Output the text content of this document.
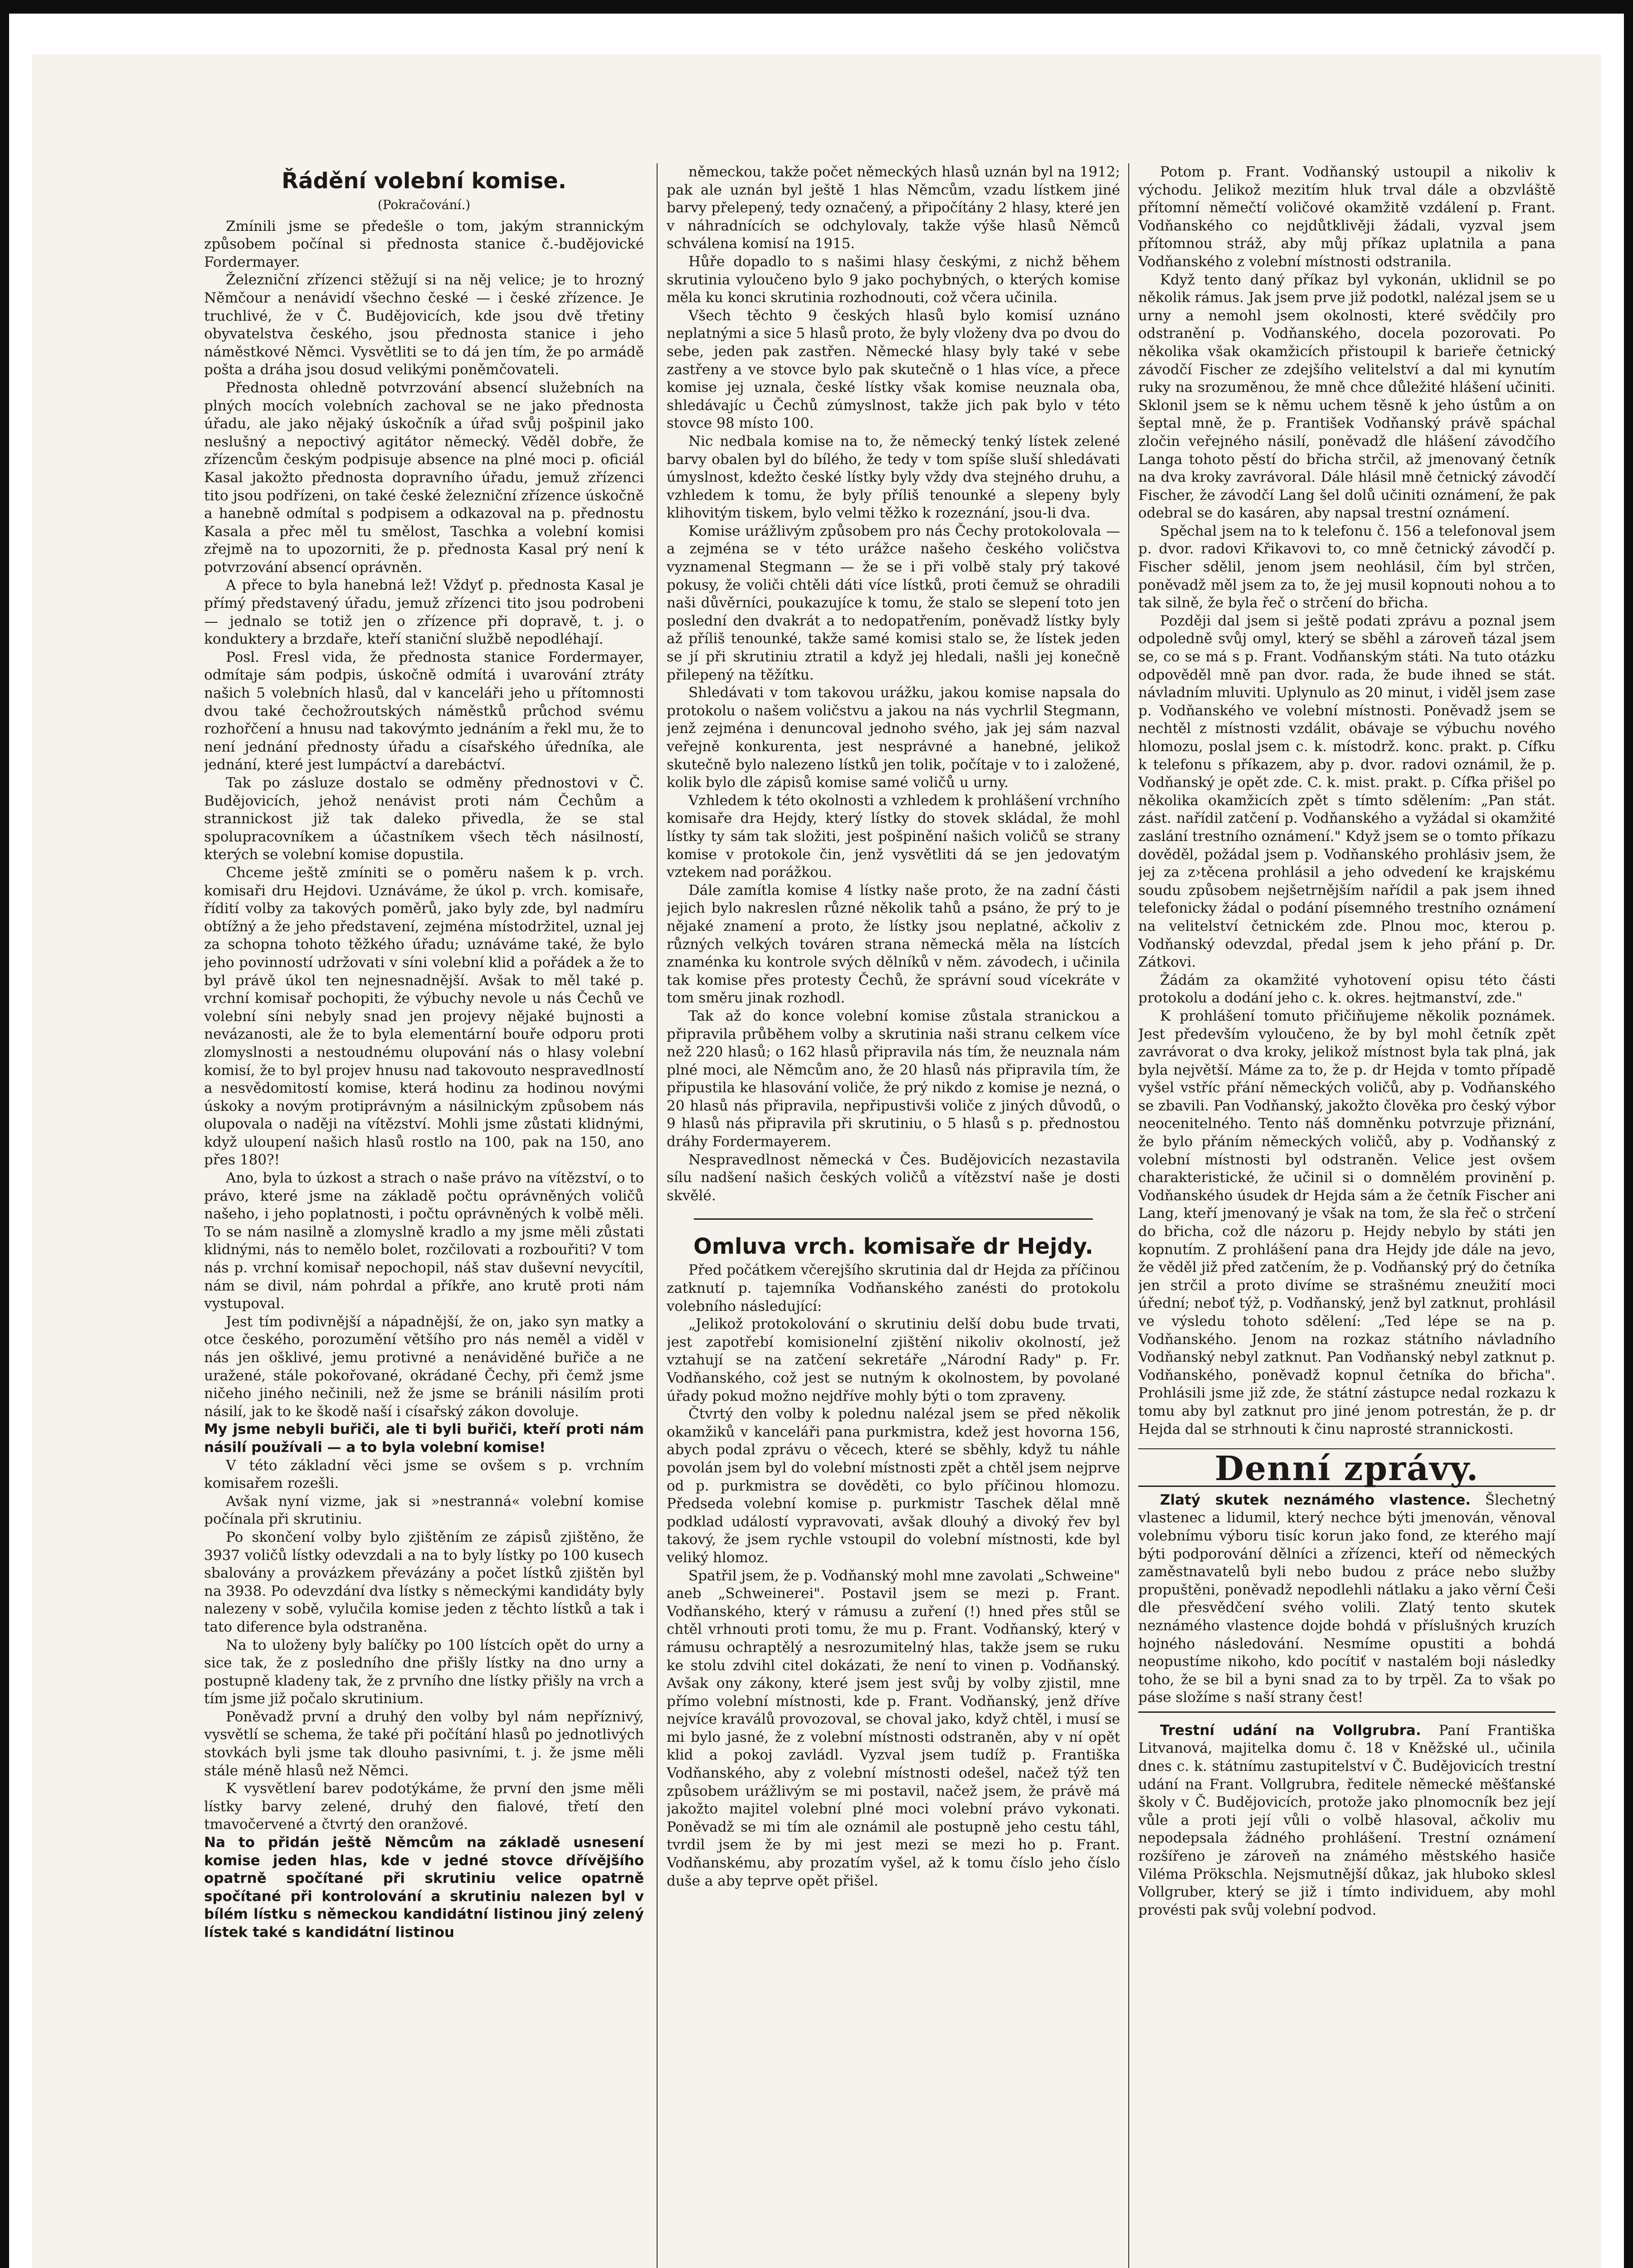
Řádění volební komise.
(Pokračování.)

Zmínili jsme se předešle o tom, jakým strannickým způsobem počínal si přednosta stanice č.-budějovické Fordermayer.

Železniční zřízenci stěžují si na něj velice; je to hrozný Němčour a nenávidí všechno české — i české zřízence. Je truchlivé, že v Č. Budějovicích, kde jsou dvě třetiny obyvatelstva českého, jsou přednosta stanice i jeho náměstkové Němci. Vysvětliti se to dá jen tím, že po armádě pošta a dráha jsou dosud velikými poněmčovateli.

Přednosta ohledně potvrzování absencí služebních na plných mocích volebních zachoval se ne jako přednosta úřadu, ale jako nějaký úskočník a úřad svůj pošpinil jako neslušný a nepoctivý agitátor německý. Věděl dobře, že zřízencům českým podpisuje absence na plné moci p. oficiál Kasal jakožto přednosta dopravního úřadu, jemuž zřízenci tito jsou podřízeni, on také české železniční zřízence úskočně a hanebně odmítal s podpisem a odkazoval na p. přednostu Kasala a přec měl tu smělost, Taschka a volební komisi zřejmě na to upozorniti, že p. přednosta Kasal prý není k potvrzování absencí oprávněn.

A přece to byla hanebná lež! Vždyť p. přednosta Kasal je přímý představený úřadu, jemuž zřízenci tito jsou podrobeni — jednalo se totiž jen o zřízence při dopravě, t. j. o konduktery a brzdaře, kteří staniční službě nepodléhají.

Posl. Fresl vida, že přednosta stanice Fordermayer, odmítaje sám podpis, úskočně odmítá i uvarování ztráty našich 5 volebních hlasů, dal v kanceláři jeho u přítomnosti dvou také čechožroutských náměstků průchod svému rozhořčení a hnusu nad takovýmto jednáním a řekl mu, že to není jednání přednosty úřadu a císařského úředníka, ale jednání, které jest lumpáctví a darebáctví.

Tak po zásluze dostalo se odměny přednostovi v Č. Budějovicích, jehož nenávist proti nám Čechům a strannickost již tak daleko přivedla, že se stal spolupracovníkem a účastníkem všech těch násilností, kterých se volební komise dopustila.

Chceme ještě zmíniti se o poměru našem k p. vrch. komisaři dru Hejdovi. Uznáváme, že úkol p. vrch. komisaře, řídití volby za takových poměrů, jako byly zde, byl nadmíru obtížný a že jeho představení, zejména místodržitel, uznal jej za schopna tohoto těžkého úřadu; uznáváme také, že bylo jeho povinností udržovati v síni volební klid a pořádek a že to byl právě úkol ten nejnesnadnější. Avšak to měl také p. vrchní komisař pochopiti, že výbuchy nevole u nás Čechů ve volební síni nebyly snad jen projevy nějaké bujnosti a nevázanosti, ale že to byla elementární bouře odporu proti zlomyslnosti a nestoudnému olupování nás o hlasy volební komisí, že to byl projev hnusu nad takovouto nespravedlností a nesvědomitostí komise, která hodinu za hodinou novými úskoky a novým protiprávným a násilnickým způsobem nás olupovala o naději na vítězství. Mohli jsme zůstati klidnými, když uloupení našich hlasů rostlo na 100, pak na 150, ano přes 180?!

Ano, byla to úzkost a strach o naše právo na vítězství, o to právo, které jsme na základě počtu oprávněných voličů našeho, i jeho poplatnosti, i počtu oprávněných k volbě měli. To se nám nasilně a zlomyslně kradlo a my jsme měli zůstati klidnými, nás to nemělo bolet, rozčilovati a rozbouřiti? V tom nás p. vrchní komisař nepochopil, náš stav duševní nevycítil, nám se divil, nám pohrdal a příkře, ano krutě proti nám vystupoval.

Jest tím podivnější a nápadnější, že on, jako syn matky a otce českého, porozumění většího pro nás neměl a viděl v nás jen ošklivé, jemu protivné a nenáviděné buřiče a ne uražené, stále pokořované, okrádané Čechy, při čemž jsme ničeho jiného nečinili, než že jsme se bránili násilím proti násilí, jak to ke škodě naší i císařský zákon dovoluje.

My jsme nebyli buřiči, ale ti byli buřiči, kteří proti nám násilí používali — a to byla volební komise!

V této základní věci jsme se ovšem s p. vrchním komisařem rozešli.

Avšak nyní vizme, jak si »nestranná« volební komise počínala při skrutiniu.

Po skončení volby bylo zjištěním ze zápisů zjištěno, že 3937 voličů lístky odevzdali a na to byly lístky po 100 kusech sbalovány a provázkem převázány a počet lístků zjištěn byl na 3938. Po odevzdání dva lístky s německými kandidáty byly nalezeny v sobě, vylučila komise jeden z těchto lístků a tak i tato diference byla odstraněna.

Na to uloženy byly balíčky po 100 lístcích opět do urny a sice tak, že z posledního dne přišly lístky na dno urny a postupně kladeny tak, že z prvního dne lístky přišly na vrch a tím jsme již počalo skrutinium.

Poněvadž první a druhý den volby byl nám nepříznivý, vysvětlí se schema, že také při počítání hlasů po jednotlivých stovkách byli jsme tak dlouho pasivními, t. j. že jsme měli stále méně hlasů než Němci.

K vysvětlení barev podotýkáme, že první den jsme měli lístky barvy zelené, druhý den fialové, třetí den tmavočervené a čtvrtý den oranžové.

Na to přidán ještě Němcům na základě usnesení komise jeden hlas, kde v jedné stovce dřívějšího opatrně spočítané při skrutiniu velice opatrně spočítané při kontrolování a skrutiniu nalezen byl v bílém lístku s německou kandidátní listinou jiný zelený lístek také s kandidátní listinou

německou, takže počet německých hlasů uznán byl na 1912; pak ale uznán byl ještě 1 hlas Němcům, vzadu lístkem jiné barvy přelepený, tedy označený, a připočítány 2 hlasy, které jen v náhradnících se odchylovaly, takže výše hlasů Němců schválena komisí na 1915.

Hůře dopadlo to s našimi hlasy českými, z nichž během skrutinia vyloučeno bylo 9 jako pochybných, o kterých komise měla ku konci skrutinia rozhodnouti, což včera učinila.

Všech těchto 9 českých hlasů bylo komisí uznáno neplatnými a sice 5 hlasů proto, že byly vloženy dva po dvou do sebe, jeden pak zastřen. Německé hlasy byly také v sebe zastřeny a ve stovce bylo pak skutečně o 1 hlas více, a přece komise jej uznala, české lístky však komise neuznala oba, shledávajíc u Čechů zúmyslnost, takže jich pak bylo v této stovce 98 místo 100.

Nic nedbala komise na to, že německý tenký lístek zelené barvy obalen byl do bílého, že tedy v tom spíše sluší shledávati úmyslnost, kdežto české lístky byly vždy dva stejného druhu, a vzhledem k tomu, že byly příliš tenounké a slepeny byly klihovitým tiskem, bylo velmi těžko k rozeznání, jsou-li dva.

Komise urážlivým způsobem pro nás Čechy protokolovala — a zejména se v této urážce našeho českého voličstva vyznamenal Stegmann — že se i při volbě staly prý takové pokusy, že voliči chtěli dáti více lístků, proti čemuž se ohradili naši důvěrníci, poukazujíce k tomu, že stalo se slepení toto jen poslední den dvakrát a to nedopatřením, poněvadž lístky byly až příliš tenounké, takže samé komisi stalo se, že lístek jeden se jí při skrutiniu ztratil a když jej hledali, našli jej konečně přilepený na těžítku.

Shledávati v tom takovou urážku, jakou komise napsala do protokolu o našem voličstvu a jakou na nás vychrlil Stegmann, jenž zejména i denuncoval jednoho svého, jak jej sám nazval veřejně konkurenta, jest nesprávné a hanebné, jelikož skutečně bylo nalezeno lístků jen tolik, počítaje v to i založené, kolik bylo dle zápisů komise samé voličů u urny.

Vzhledem k této okolnosti a vzhledem k prohlášení vrchního komisaře dra Hejdy, který lístky do stovek skládal, že mohl lístky ty sám tak složiti, jest pošpinění našich voličů se strany komise v protokole čin, jenž vysvětliti dá se jen jedovatým vztekem nad porážkou.

Dále zamítla komise 4 lístky naše proto, že na zadní části jejich bylo nakreslen různé několik tahů a psáno, že prý to je nějaké znamení a proto, že lístky jsou neplatné, ačkoliv z různých velkých továren strana německá měla na lístcích znaménka ku kontrole svých dělníků v něm. závodech, i učinila tak komise přes protesty Čechů, že správní soud vícekráte v tom směru jinak rozhodl.

Tak až do konce volební komise zůstala stranickou a připravila průběhem volby a skrutinia naši stranu celkem více než 220 hlasů; o 162 hlasů připravila nás tím, že neuznala nám plné moci, ale Němcům ano, že 20 hlasů nás připravila tím, že připustila ke hlasování voliče, že prý nikdo z komise je nezná, o 20 hlasů nás připravila, nepřipustivši voliče z jiných důvodů, o 9 hlasů nás připravila při skrutiniu, o 5 hlasů s p. přednostou dráhy Fordermayerem.

Nespravedlnost německá v Čes. Budějovicích nezastavila sílu nadšení našich českých voličů a vítězství naše je dosti skvělé.

Omluva vrch. komisaře dr Hejdy.

Před počátkem včerejšího skrutinia dal dr Hejda za příčinou zatknutí p. tajemníka Vodňanského zanésti do protokolu volebního následující:

„Jelikož protokolování o skrutiniu delší dobu bude trvati, jest zapotřebí komisionelní zjištění nikoliv okolností, jež vztahují se na zatčení sekretáře „Národní Rady" p. Fr. Vodňanského, což jest se nutným k okolnostem, by povolané úřady pokud možno nejdříve mohly býti o tom zpraveny.

Čtvrtý den volby k polednu nalézal jsem se před několik okamžiků v kanceláři pana purkmistra, kdež jest hovorna 156, abych podal zprávu o věcech, které se sběhly, když tu náhle povolán jsem byl do volební místnosti zpět a chtěl jsem nejprve od p. purkmistra se dověděti, co bylo příčinou hlomozu. Předseda volební komise p. purkmistr Taschek dělal mně podklad událostí vypravovati, avšak dlouhý a divoký řev byl takový, že jsem rychle vstoupil do volební místnosti, kde byl veliký hlomoz.

Spatřil jsem, že p. Vodňanský mohl mne zavolati „Schweine" aneb „Schweinerei". Postavil jsem se mezi p. Frant. Vodňanského, který v rámusu a zuření (!) hned přes stůl se chtěl vrhnouti proti tomu, že mu p. Frant. Vodňanský, který v rámusu ochraptělý a nesrozumitelný hlas, takže jsem se ruku ke stolu zdvihl citel dokázati, že není to vinen p. Vodňanský. Avšak ony zákony, které jsem jest svůj by volby zjistil, mne přímo volební místnosti, kde p. Frant. Vodňanský, jenž dříve nejvíce kraválů provozoval, se choval jako, když chtěl, i musí se mi bylo jasné, že z volební místnosti odstraněn, aby v ní opět klid a pokoj zavládl. Vyzval jsem tudíž p. Františka Vodňanského, aby z volební místnosti odešel, načež týž ten způsobem urážlivým se mi postavil, načež jsem, že právě má jakožto majitel volební plné moci volební právo vykonati. Poněvadž se mi tím ale oznámil ale postupně jeho cestu táhl, tvrdil jsem že by mi jest mezi se mezi ho p. Frant. Vodňanskému, aby prozatím vyšel, až k tomu číslo jeho číslo duše a aby teprve opět přišel.

Potom p. Frant. Vodňanský ustoupil a nikoliv k východu. Jelikož mezitím hluk trval dále a obzvláště přítomní němečtí voličové okamžitě vzdálení p. Frant. Vodňanského co nejdůtklivěji žádali, vyzval jsem přítomnou stráž, aby můj příkaz uplatnila a pana Vodňanského z volební místnosti odstranila.

Když tento daný příkaz byl vykonán, uklidnil se po několik rámus. Jak jsem prve již podotkl, nalézal jsem se u urny a nemohl jsem okolnosti, které svědčily pro odstranění p. Vodňanského, docela pozorovati. Po několika však okamžicích přistoupil k barieře četnický závodčí Fischer ze zdejšího velitelství a dal mi kynutím ruky na srozuměnou, že mně chce důležité hlášení učiniti. Sklonil jsem se k němu uchem těsně k jeho ústům a on šeptal mně, že p. František Vodňanský právě spáchal zločin veřejného násilí, poněvadž dle hlášení závodčího Langa tohoto pěstí do břicha strčil, až jmenovaný četník na dva kroky zavrávoral. Dále hlásil mně četnický závodčí Fischer, že závodčí Lang šel dolů učiniti oznámení, že pak odebral se do kasáren, aby napsal trestní oznámení.

Spěchal jsem na to k telefonu č. 156 a telefonoval jsem p. dvor. radovi Křikavovi to, co mně četnický závodčí p. Fischer sdělil, jenom jsem neohlásil, čím byl strčen, poněvadž měl jsem za to, že jej musil kopnouti nohou a to tak silně, že byla řeč o strčení do břicha.

Později dal jsem si ještě podati zprávu a poznal jsem odpoledně svůj omyl, který se sběhl a zároveň tázal jsem se, co se má s p. Frant. Vodňanským státi. Na tuto otázku odpověděl mně pan dvor. rada, že bude ihned se stát. návladním mluviti. Uplynulo as 20 minut, i viděl jsem zase p. Vodňanského ve volební místnosti. Poněvadž jsem se nechtěl z místnosti vzdálit, obávaje se výbuchu nového hlomozu, poslal jsem c. k. místodrž. konc. prakt. p. Cífku k telefonu s příkazem, aby p. dvor. radovi oznámil, že p. Vodňanský je opět zde. C. k. mist. prakt. p. Cífka přišel po několika okamžicích zpět s tímto sdělením: „Pan stát. zást. nařídil zatčení p. Vodňanského a vyžádal si okamžité zaslání trestního oznámení." Když jsem se o tomto příkazu dověděl, požádal jsem p. Vodňanského prohlásiv jsem, že jej za z›těcena prohlásil a jeho odvedení ke krajskému soudu způsobem nejšetrnějším nařídil a pak jsem ihned telefonicky žádal o podání písemného trestního oznámení na velitelství četnickém zde. Plnou moc, kterou p. Vodňanský odevzdal, předal jsem k jeho přání p. Dr. Zátkovi.

Žádám za okamžité vyhotovení opisu této části protokolu a dodání jeho c. k. okres. hejtmanství, zde."

K prohlášení tomuto přičiňujeme několik poznámek. Jest především vyloučeno, že by byl mohl četník zpět zavrávorat o dva kroky, jelikož místnost byla tak plná, jak byla největší. Máme za to, že p. dr Hejda v tomto případě vyšel vstříc přání německých voličů, aby p. Vodňanského se zbavili. Pan Vodňanský, jakožto člověka pro český výbor neocenitelného. Tento náš domněnku potvrzuje přiznání, že bylo přáním německých voličů, aby p. Vodňanský z volební místnosti byl odstraněn. Velice jest ovšem charakteristické, že učinil si o domnělém provinění p. Vodňanského úsudek dr Hejda sám a že četník Fischer ani Lang, kteří jmenovaný je však na tom, že sla řeč o strčení do břicha, což dle názoru p. Hejdy nebylo by státi jen kopnutím. Z prohlášení pana dra Hejdy jde dále na jevo, že věděl již před zatčením, že p. Vodňanský prý do četníka jen strčil a proto divíme se strašnému zneužití moci úřední; neboť týž, p. Vodňanský, jenž byl zatknut, prohlásil ve výsledu tohoto sdělení: „Ted lépe se na p. Vodňanského. Jenom na rozkaz státního návladního Vodňanský nebyl zatknut. Pan Vodňanský nebyl zatknut p. Vodňanského, poněvadž kopnul četníka do břicha". Prohlásili jsme již zde, že státní zástupce nedal rozkazu k tomu aby byl zatknut pro jiné jenom potrestán, že p. dr Hejda dal se strhnouti k činu naprosté strannickosti.

Denní zprávy.

Zlatý skutek neznámého vlastence. Šlechetný vlastenec a lidumil, který nechce býti jmenován, věnoval volebnímu výboru tisíc korun jako fond, ze kterého mají býti podporování dělníci a zřízenci, kteří od německých zaměstnavatelů byli nebo budou z práce nebo služby propuštěni, poněvadž nepodlehli nátlaku a jako věrní Češi dle přesvědčení svého volili. Zlatý tento skutek neznámého vlastence dojde bohdá v příslušných kruzích hojného následování. Nesmíme opustiti a bohdá neopustíme nikoho, kdo pocítiť v nastalém boji následky toho, že se bil a byni snad za to by trpěl. Za to však po páse složíme s naší strany čest!

Trestní udání na Vollgrubra. Paní Františka Litvanová, majitelka domu č. 18 v Kněžské ul., učinila dnes c. k. státnímu zastupitelství v Č. Budějovicích trestní udání na Frant. Vollgrubra, ředitele německé měšťanské školy v Č. Budějovicích, protože jako plnomocník bez její vůle a proti její vůli o volbě hlasoval, ačkoliv mu nepodepsala žádného prohlášení. Trestní oznámení rozšířeno je zároveň na známého městského hasiče Viléma Prökschla. Nejsmutnější důkaz, jak hluboko sklesl Vollgruber, který se již i tímto individuem, aby mohl provésti pak svůj volební podvod.
